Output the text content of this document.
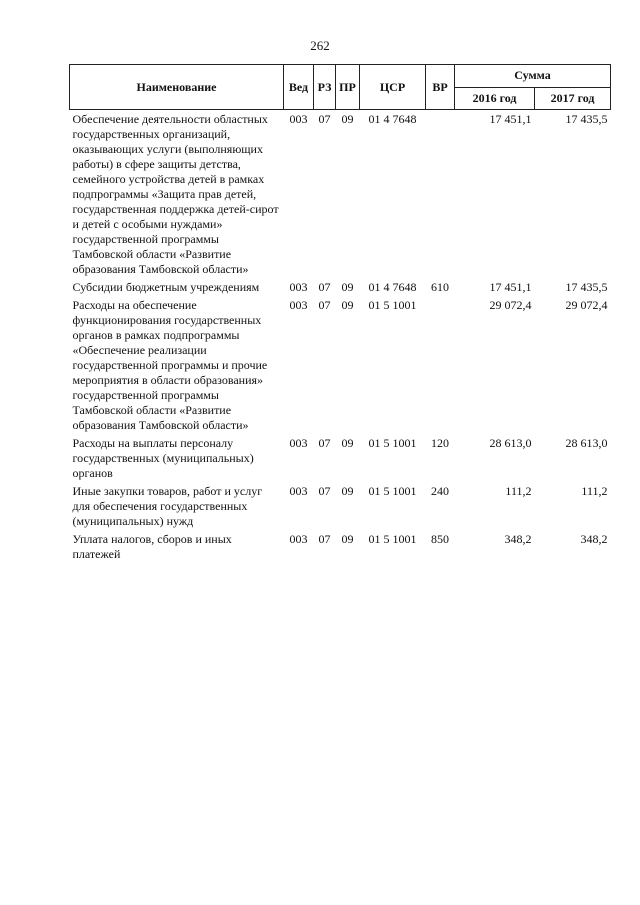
262
Наименование	Вед	РЗ	ПР	ЦСР	ВР	Сумма	
						2016 год	2017 год
Обеспечение деятельности областных государственных организаций, оказывающих услуги (выполняющих работы) в сфере защиты детства, семейного устройства детей в рамках подпрограммы «Защита прав детей, государственная поддержка детей-сирот и детей с особыми нуждами» государственной программы Тамбовской области «Развитие образования Тамбовской области»	003	07	09	01 4 7648		17 451,1	17 435,5
Субсидии бюджетным учреждениям	003	07	09	01 4 7648	610	17 451,1	17 435,5
Расходы на обеспечение функционирования государственных органов в рамках подпрограммы «Обеспечение реализации государственной программы и прочие мероприятия в области образования» государственной программы Тамбовской области «Развитие образования Тамбовской области»	003	07	09	01 5 1001		29 072,4	29 072,4
Расходы на выплаты персоналу государственных (муниципальных) органов	003	07	09	01 5 1001	120	28 613,0	28 613,0
Иные закупки товаров, работ и услуг для обеспечения государственных (муниципальных) нужд	003	07	09	01 5 1001	240	111,2	111,2
Уплата налогов, сборов и иных платежей	003	07	09	01 5 1001	850	348,2	348,2
